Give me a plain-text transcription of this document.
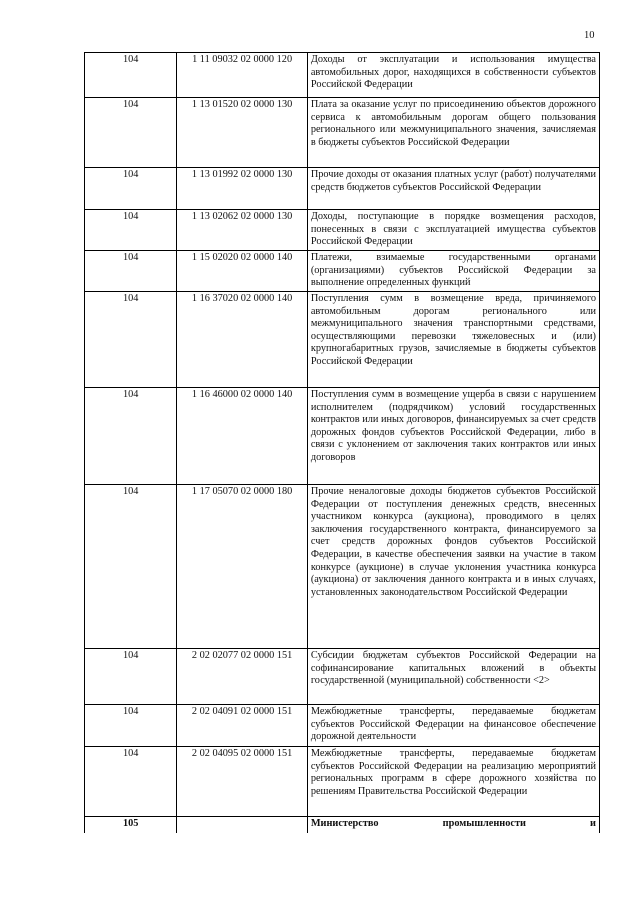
10
104	1 11 09032 02 0000 120	Доходы от эксплуатации и использования имущества автомобильных дорог, находящихся в собственности субъектов Российской Федерации
104	1 13 01520 02 0000 130	Плата за оказание услуг по присоединению объектов дорожного сервиса к автомобильным дорогам общего пользования регионального или межмуниципального значения, зачисляемая в бюджеты субъектов Российской Федерации
104	1 13 01992 02 0000 130	Прочие доходы от оказания платных услуг (работ) получателями средств бюджетов субъектов Российской Федерации
104	1 13 02062 02 0000 130	Доходы, поступающие в порядке возмещения расходов, понесенных в связи с эксплуатацией имущества субъектов Российской Федерации
104	1 15 02020 02 0000 140	Платежи, взимаемые государственными органами (организациями) субъектов Российской Федерации за выполнение определенных функций
104	1 16 37020 02 0000 140	Поступления сумм в возмещение вреда, причиняемого автомобильным дорогам регионального или межмуниципального значения транспортными средствами, осуществляющими перевозки тяжеловесных и (или) крупногабаритных грузов, зачисляемые в бюджеты субъектов Российской Федерации
104	1 16 46000 02 0000 140	Поступления сумм в возмещение ущерба в связи с нарушением исполнителем (подрядчиком) условий государственных контрактов или иных договоров, финансируемых за счет средств дорожных фондов субъектов Российской Федерации, либо в связи с уклонением от заключения таких контрактов или иных договоров
104	1 17 05070 02 0000 180	Прочие неналоговые доходы бюджетов субъектов Российской Федерации от поступления денежных средств, внесенных участником конкурса (аукциона), проводимого в целях заключения государственного контракта, финансируемого за счет средств дорожных фондов субъектов Российской Федерации, в качестве обеспечения заявки на участие в таком конкурсе (аукционе) в случае уклонения участника конкурса (аукциона) от заключения данного контракта и в иных случаях, установленных законодательством Российской Федерации
104	2 02 02077 02 0000 151	Субсидии бюджетам субъектов Российской Федерации на софинансирование капитальных вложений в объекты государственной (муниципальной) собственности <2>
104	2 02 04091 02 0000 151	Межбюджетные трансферты, передаваемые бюджетам субъектов Российской Федерации на финансовое обеспечение дорожной деятельности
104	2 02 04095 02 0000 151	Межбюджетные трансферты, передаваемые бюджетам субъектов Российской Федерации на реализацию мероприятий региональных программ в сфере дорожного хозяйства по решениям Правительства Российской Федерации
105		Министерство промышленности и
